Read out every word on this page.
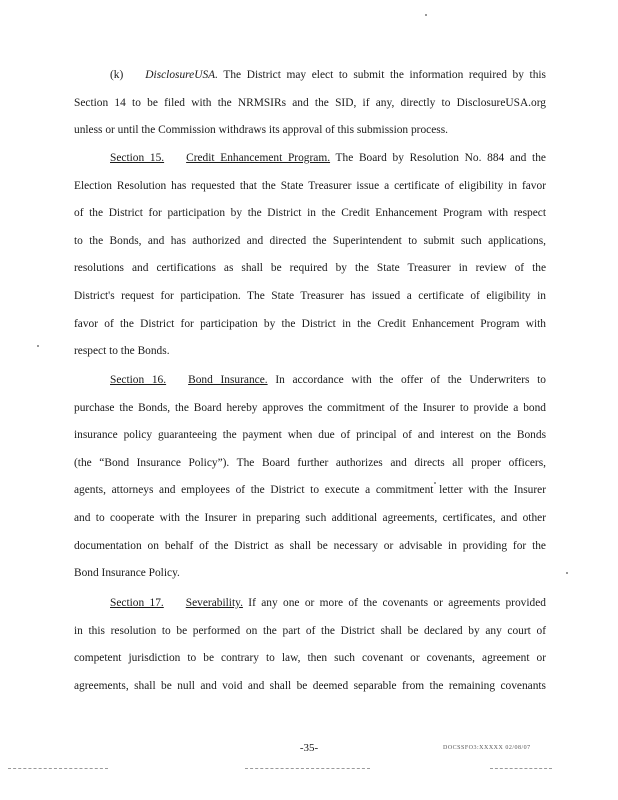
(k) DisclosureUSA. The District may elect to submit the information required by this
Section 14 to be filed with the NRMSIRs and the SID, if any, directly to DisclosureUSA.org
unless or until the Commission withdraws its approval of this submission process.
Section 15. Credit Enhancement Program. The Board by Resolution No. 884 and the
Election Resolution has requested that the State Treasurer issue a certificate of eligibility in favor
of the District for participation by the District in the Credit Enhancement Program with respect
to the Bonds, and has authorized and directed the Superintendent to submit such applications,
resolutions and certifications as shall be required by the State Treasurer in review of the
District's request for participation. The State Treasurer has issued a certificate of eligibility in
favor of the District for participation by the District in the Credit Enhancement Program with
respect to the Bonds.
Section 16. Bond Insurance. In accordance with the offer of the Underwriters to
purchase the Bonds, the Board hereby approves the commitment of the Insurer to provide a bond
insurance policy guaranteeing the payment when due of principal of and interest on the Bonds
(the “Bond Insurance Policy”). The Board further authorizes and directs all proper officers,
agents, attorneys and employees of the District to execute a commitment letter with the Insurer
and to cooperate with the Insurer in preparing such additional agreements, certificates, and other
documentation on behalf of the District as shall be necessary or advisable in providing for the
Bond Insurance Policy.
Section 17. Severability. If any one or more of the covenants or agreements provided
in this resolution to be performed on the part of the District shall be declared by any court of
competent jurisdiction to be contrary to law, then such covenant or covenants, agreement or
agreements, shall be null and void and shall be deemed separable from the remaining covenants
-35-	DOCSSFO3:XXXXX 02/08/07
